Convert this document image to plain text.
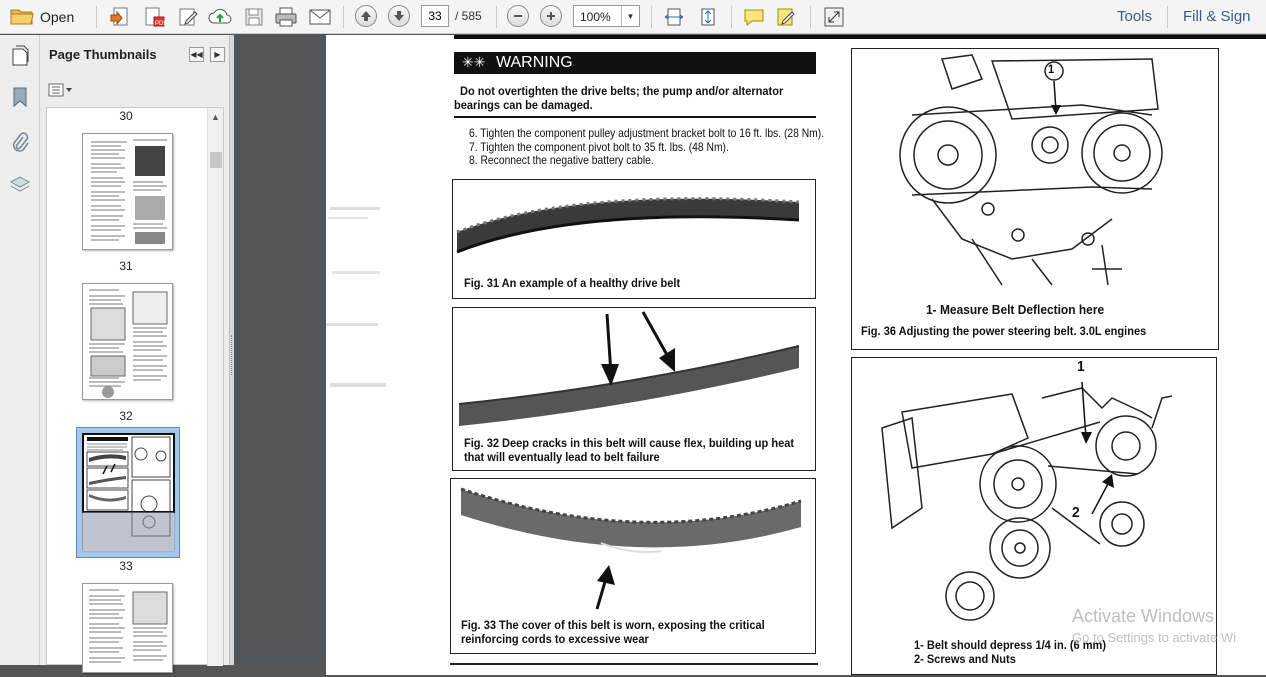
Open	PDF
33
/ 585	100%	▼	Tools Fill & Sign
Page Thumbnails	◀◀	▶
30
31
32
33
▲
✳✳ WARNING
Do not overtighten the drive belts; the pump and/or alternator
bearings can be damaged.
6. Tighten the component pulley adjustment bracket bolt to 16 ft. lbs. (28 Nm).
7. Tighten the component pivot bolt to 35 ft. lbs. (48 Nm).
8. Reconnect the negative battery cable.
Fig. 31 An example of a healthy drive belt
Fig. 32 Deep cracks in this belt will cause flex, building up heat
that will eventually lead to belt failure
Fig. 33 The cover of this belt is worn, exposing the critical
reinforcing cords to excessive wear
1
1- Measure Belt Deflection here
Fig. 36 Adjusting the power steering belt. 3.0L engines
1
2
1- Belt should depress 1/4 in. (6 mm)
2- Screws and Nuts
Activate Windows
Go to Settings to activate Wi
